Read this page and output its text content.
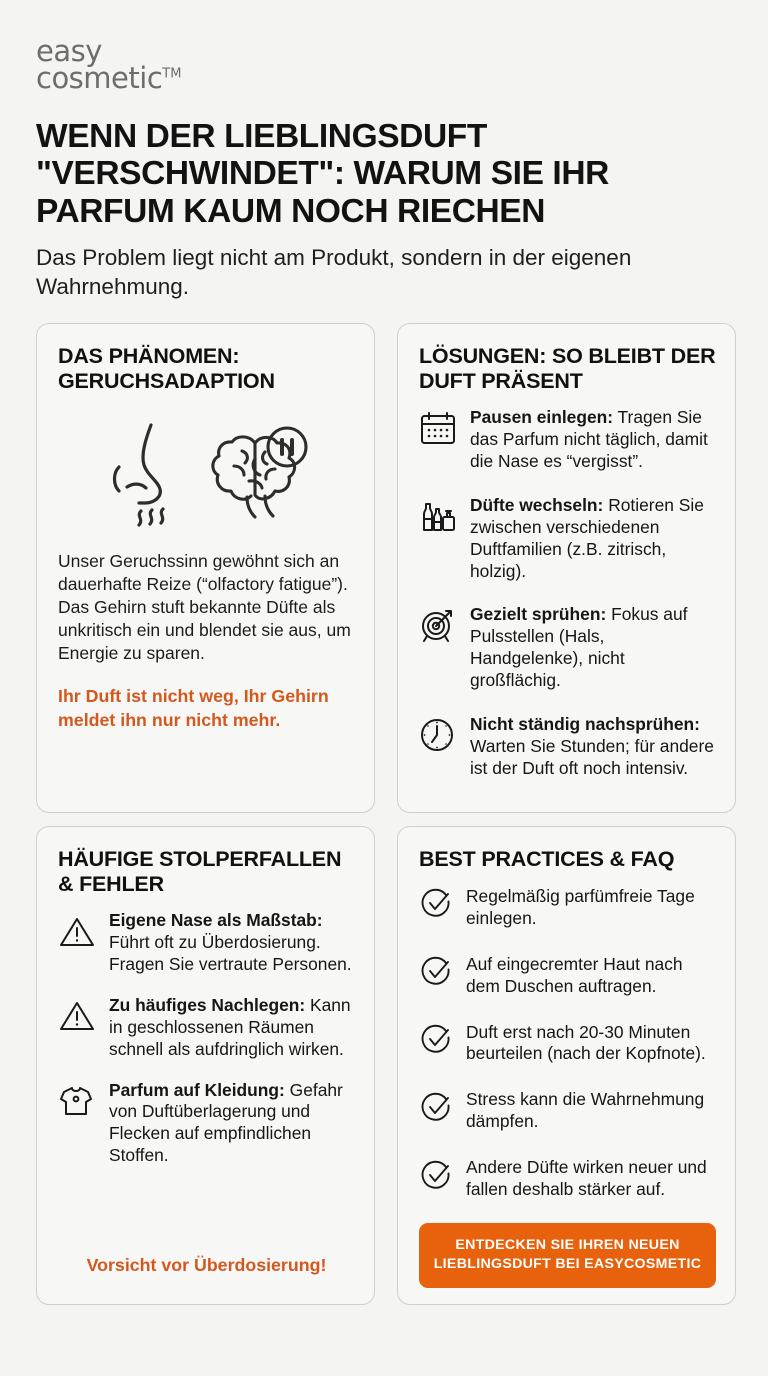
easy
cosmetic™
WENN DER LIEBLINGSDUFT "VERSCHWINDET": WARUM SIE IHR PARFUM KAUM NOCH RIECHEN

Das Problem liegt nicht am Produkt, sondern in der eigenen Wahrnehmung.

DAS PHÄNOMEN: GERUCHSADAPTION

Unser Geruchssinn gewöhnt sich an dauerhafte Reize (“olfactory fatigue”).

Das Gehirn stuft bekannte Düfte als unkritisch ein und blendet sie aus, um Energie zu sparen.

Ihr Duft ist nicht weg, Ihr Gehirn meldet ihn nur nicht mehr.

LÖSUNGEN: SO BLEIBT DER DUFT PRÄSENT
Pausen einlegen: Tragen Sie das Parfum nicht täglich, damit die Nase es “vergisst”.
Düfte wechseln: Rotieren Sie zwischen verschiedenen Duftfamilien (z.B. zitrisch, holzig).
Gezielt sprühen: Fokus auf Pulsstellen (Hals, Handgelenke), nicht großflächig.
Nicht ständig nachsprühen: Warten Sie Stunden; für andere ist der Duft oft noch intensiv.
HÄUFIGE STOLPERFALLEN & FEHLER
Eigene Nase als Maßstab: Führt oft zu Überdosierung. Fragen Sie vertraute Personen.
Zu häufiges Nachlegen: Kann in geschlossenen Räumen schnell als aufdringlich wirken.
Parfum auf Kleidung: Gefahr von Duftüberlagerung und Flecken auf empfindlichen Stoffen.

Vorsicht vor Überdosierung!

BEST PRACTICES & FAQ
Regelmäßig parfümfreie Tage einlegen.
Auf eingecremter Haut nach dem Duschen auftragen.
Duft erst nach 20-30 Minuten beurteilen (nach der Kopfnote).
Stress kann die Wahrnehmung dämpfen.
Andere Düfte wirken neuer und fallen deshalb stärker auf.
ENTDECKEN SIE IHREN NEUEN LIEBLINGSDUFT BEI EASYCOSMETIC
